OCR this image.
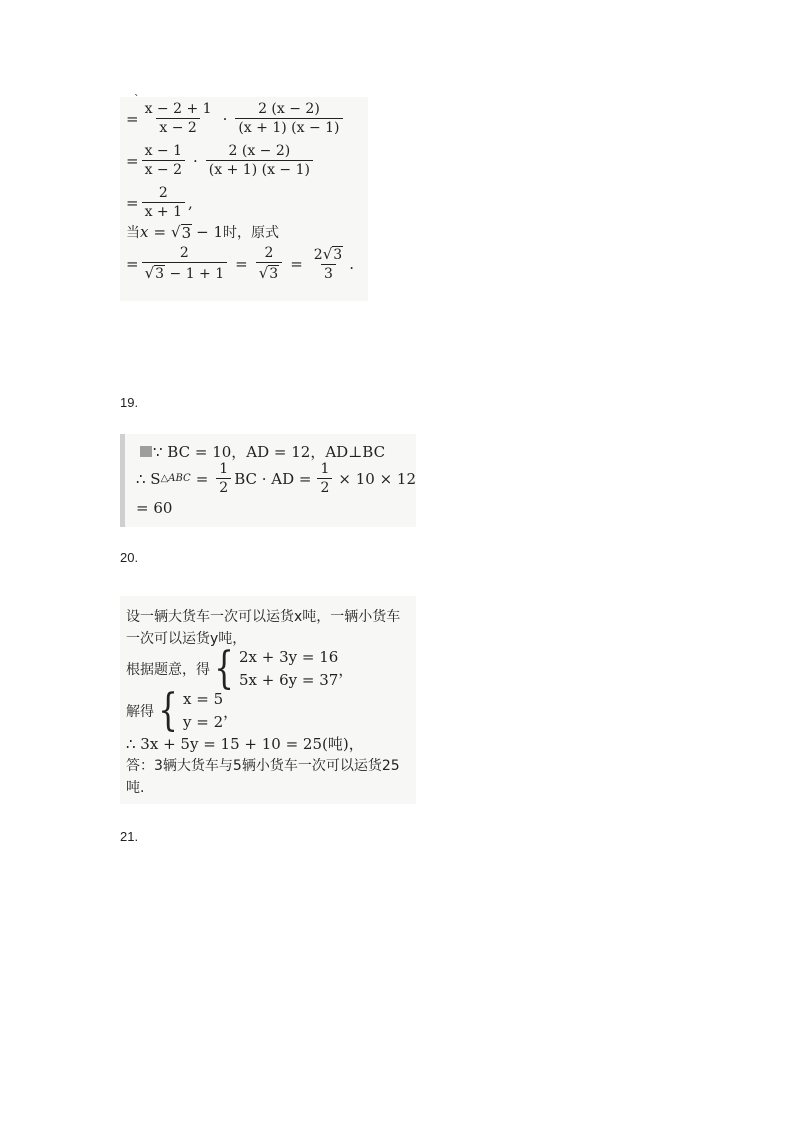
`
= $\frac{x - 2 + 1}{x - 2} \cdot \frac{2 (x - 2)}{(x + 1) (x - 1)}$
= $\frac{x - 1}{x - 2} \cdot \frac{2 (x - 2)}{(x + 1) (x - 1)}$
= $\frac{2}{x + 1}$ ,
当 x = √ 3 − 1 时，原式
= $\frac{2}{√ 3 - 1 + 1} = \frac{2}{√ 3} = \frac{2 √ 3}{3}$ .
19.
∵ BC = 10，AD = 12，AD⊥BC
∴ S △ABC = $\frac{1}{2}$ BC · AD = $\frac{1}{2} \times 10 \times 12$
= 60
20.
设一辆大货车一次可以运货x吨，一辆小货车
一次可以运货y吨，
根据题意，得 { 2x + 3y = 16
5x + 6y = 37
，
解得 { x = 5
y = 2
，
∴ 3x + 5y = 15 + 10 = 25(吨)，
答：3辆大货车与5辆小货车一次可以运货25
吨.
21.
